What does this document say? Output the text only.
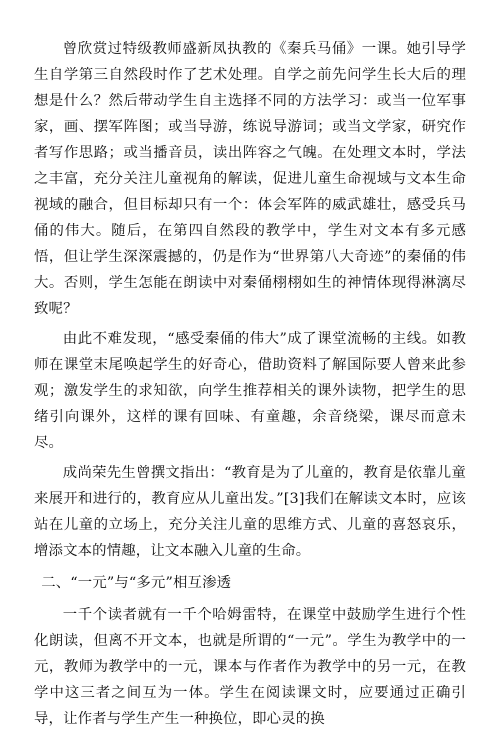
曾欣赏过特级教师盛新凤执教的《秦兵马俑》一课。她引导学生自学第三自然段时作了艺术处理。自学之前先问学生长大后的理想是什么？然后带动学生自主选择不同的方法学习：或当一位军事家，画、摆军阵图；或当导游，练说导游词；或当文学家，研究作者写作思路；或当播音员，读出阵容之气魄。在处理文本时，学法之丰富，充分关注儿童视角的解读，促进儿童生命视域与文本生命视域的融合，但目标却只有一个：体会军阵的威武雄壮，感受兵马俑的伟大。随后，在第四自然段的教学中，学生对文本有多元感悟，但让学生深深震撼的，仍是作为“世界第八大奇迹”的秦俑的伟大。否则，学生怎能在朗读中对秦俑栩栩如生的神情体现得淋漓尽致呢？

由此不难发现，“感受秦俑的伟大”成了课堂流畅的主线。如教师在课堂末尾唤起学生的好奇心，借助资料了解国际要人曾来此参观；激发学生的求知欲，向学生推荐相关的课外读物，把学生的思绪引向课外，这样的课有回味、有童趣，余音绕梁，课尽而意未尽。

成尚荣先生曾撰文指出：“教育是为了儿童的，教育是依靠儿童来展开和进行的，教育应从儿童出发。”[3]我们在解读文本时，应该站在儿童的立场上，充分关注儿童的思维方式、儿童的喜怒哀乐，增添文本的情趣，让文本融入儿童的生命。

二、“一元”与“多元”相互渗透

一千个读者就有一千个哈姆雷特，在课堂中鼓励学生进行个性化朗读，但离不开文本，也就是所谓的“一元”。学生为教学中的一元，教师为教学中的一元，课本与作者作为教学中的另一元，在教学中这三者之间互为一体。学生在阅读课文时，应要通过正确引导，让作者与学生产生一种换位，即心灵的换
